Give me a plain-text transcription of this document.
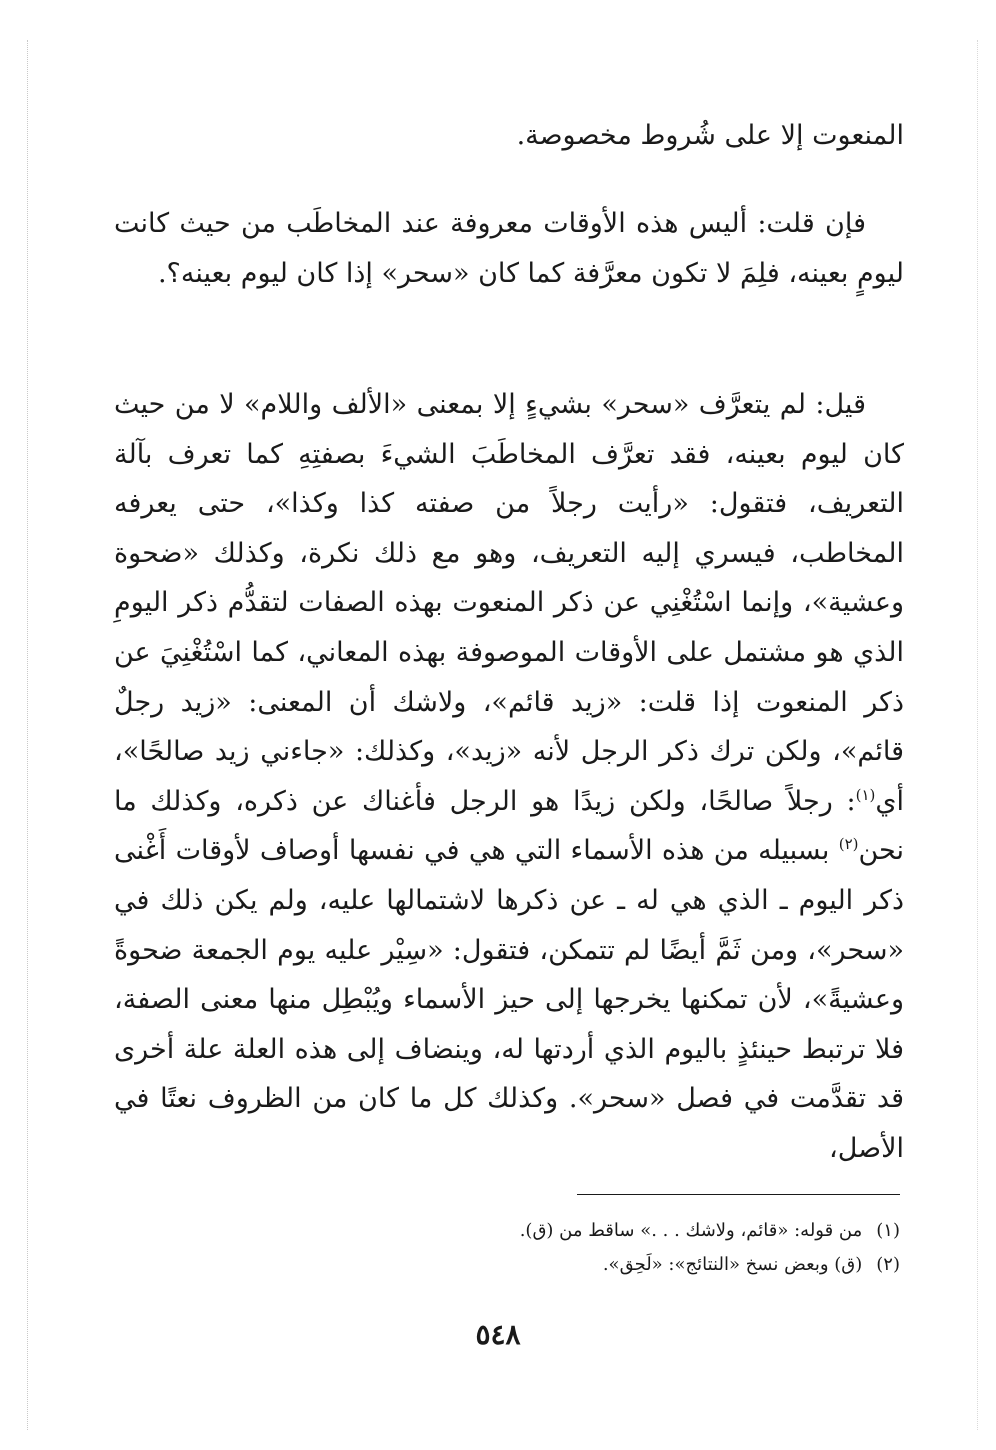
المنعوت إلا على شُروط مخصوصة.

فإن قلت: أليس هذه الأوقات معروفة عند المخاطَب من حيث كانت ليومٍ بعينه، فلِمَ لا تكون معرَّفة كما كان «سحر» إذا كان ليوم بعينه؟.

قيل: لم يتعرَّف «سحر» بشيءٍ إلا بمعنى «الألف واللام» لا من حيث كان ليوم بعينه، فقد تعرَّف المخاطَبَ الشيءَ بصفتِهِ كما تعرف بآلة التعريف، فتقول: «رأيت رجلاً من صفته كذا وكذا»، حتى يعرفه المخاطب، فيسري إليه التعريف، وهو مع ذلك نكرة، وكذلك «ضحوة وعشية»، وإنما اسْتُغْنِي عن ذكر المنعوت بهذه الصفات لتقدُّم ذكر اليومِ الذي هو مشتمل على الأوقات الموصوفة بهذه المعاني، كما اسْتُغْنِيَ عن ذكر المنعوت إذا قلت: «زيد قائم»، ولاشك أن المعنى: «زيد رجلٌ قائم»، ولكن ترك ذكر الرجل لأنه «زيد»، وكذلك: «جاءني زيد صالحًا»، أي$^{(١)}$: رجلاً صالحًا، ولكن زيدًا هو الرجل فأغناك عن ذكره، وكذلك ما نحن$^{(٢)}$ بسبيله من هذه الأسماء التي هي في نفسها أوصاف لأوقات أَغْنى ذكر اليوم ـ الذي هي له ـ عن ذكرها لاشتمالها عليه، ولم يكن ذلك في «سحر»، ومن ثَمَّ أيضًا لم تتمكن، فتقول: «سِيْر عليه يوم الجمعة ضحوةً وعشيةً»، لأن تمكنها يخرجها إلى حيز الأسماء ويُبْطِل منها معنى الصفة، فلا ترتبط حينئذٍ باليوم الذي أردتها له، وينضاف إلى هذه العلة علة أخرى قد تقدَّمت في فصل «سحر». وكذلك كل ما كان من الظروف نعتًا في الأصل،

(١)من قوله: «قائم، ولاشك . . .» ساقط من (ق).
(٢)(ق) وبعض نسخ «النتائج»: «لَحِق».
٥٤٨
